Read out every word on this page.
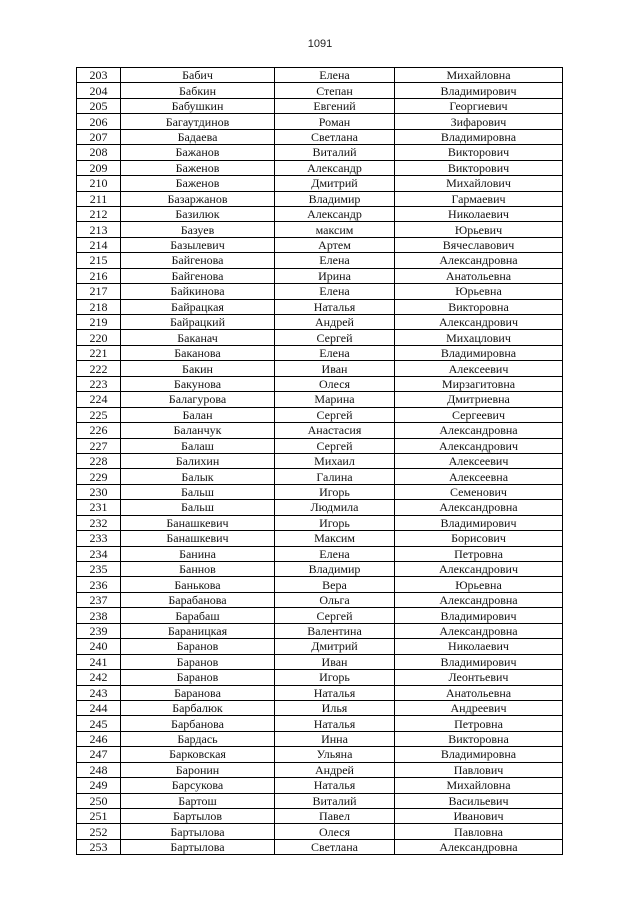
1091
203	Бабич	Елена	Михайловна
204	Бабкин	Степан	Владимирович
205	Бабушкин	Евгений	Георгиевич
206	Багаутдинов	Роман	Зифарович
207	Бадаева	Светлана	Владимировна
208	Бажанов	Виталий	Викторович
209	Баженов	Александр	Викторович
210	Баженов	Дмитрий	Михайлович
211	Базаржанов	Владимир	Гармаевич
212	Базилюк	Александр	Николаевич
213	Базуев	максим	Юрьевич
214	Базылевич	Артем	Вячеславович
215	Байгенова	Елена	Александровна
216	Байгенова	Ирина	Анатольевна
217	Байкинова	Елена	Юрьевна
218	Байрацкая	Наталья	Викторовна
219	Байрацкий	Андрей	Александрович
220	Баканач	Сергей	Михацлович
221	Баканова	Елена	Владимировна
222	Бакин	Иван	Алексеевич
223	Бакунова	Олеся	Мирзагитовна
224	Балагурова	Марина	Дмитриевна
225	Балан	Сергей	Сергеевич
226	Баланчук	Анастасия	Александровна
227	Балаш	Сергей	Александрович
228	Балихин	Михаил	Алексеевич
229	Балык	Галина	Алексеевна
230	Бальш	Игорь	Семенович
231	Бальш	Людмила	Александровна
232	Банашкевич	Игорь	Владимирович
233	Банашкевич	Максим	Борисович
234	Банина	Елена	Петровна
235	Баннов	Владимир	Александрович
236	Банькова	Вера	Юрьевна
237	Барабанова	Ольга	Александровна
238	Барабаш	Сергей	Владимирович
239	Бараницкая	Валентина	Александровна
240	Баранов	Дмитрий	Николаевич
241	Баранов	Иван	Владимирович
242	Баранов	Игорь	Леонтьевич
243	Баранова	Наталья	Анатольевна
244	Барбалюк	Илья	Андреевич
245	Барбанова	Наталья	Петровна
246	Бардась	Инна	Викторовна
247	Барковская	Ульяна	Владимировна
248	Баронин	Андрей	Павлович
249	Барсукова	Наталья	Михайловна
250	Бартош	Виталий	Васильевич
251	Бартылов	Павел	Иванович
252	Бартылова	Олеся	Павловна
253	Бартылова	Светлана	Александровна
